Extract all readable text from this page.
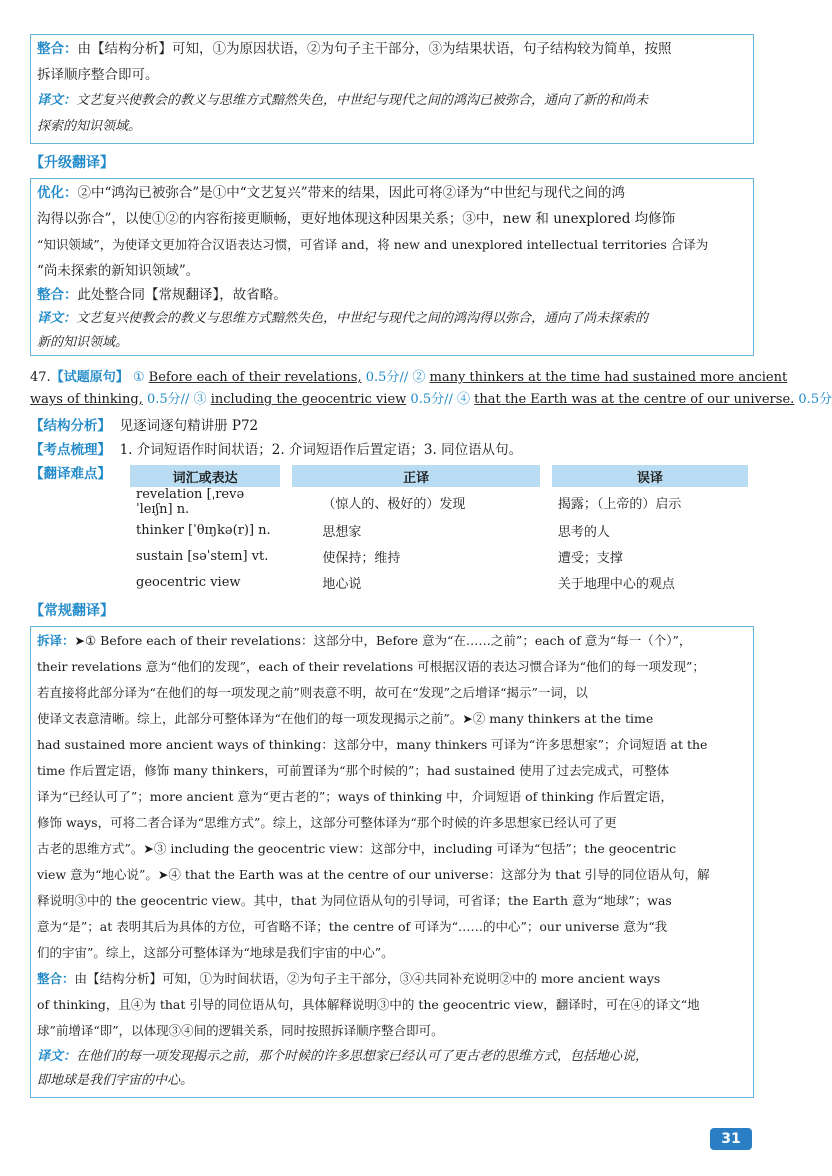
整合：由【结构分析】可知，①为原因状语，②为句子主干部分，③为结果状语，句子结构较为简单，按照
拆译顺序整合即可。
译文：文艺复兴使教会的教义与思维方式黯然失色，中世纪与现代之间的鸿沟已被弥合，通向了新的和尚未
探索的知识领域。
【升级翻译】
优化：②中“鸿沟已被弥合”是①中“文艺复兴”带来的结果，因此可将②译为“中世纪与现代之间的鸿
沟得以弥合”，以使①②的内容衔接更顺畅，更好地体现这种因果关系；③中，new 和 unexplored 均修饰
“知识领域”，为使译文更加符合汉语表达习惯，可省译 and，将 new and unexplored intellectual territories 合译为
“尚未探索的新知识领域”。
整合：此处整合同【常规翻译】，故省略。
译文：文艺复兴使教会的教义与思维方式黯然失色，中世纪与现代之间的鸿沟得以弥合，通向了尚未探索的
新的知识领域。
47.【试题原句】 ① Before each of their revelations, 0.5分// ② many thinkers at the time had sustained more ancient
ways of thinking, 0.5分// ③ including the geocentric view 0.5分// ④ that the Earth was at the centre of our universe. 0.5分
【结构分析】 见逐词逐句精讲册 P72
【考点梳理】 1. 介词短语作时间状语；2. 介词短语作后置定语；3. 同位语从句。
【翻译难点】	词汇或表达		正译		误译
revelation [ˌrevəˈleɪʃn] n.		（惊人的、极好的）发现		揭露；（上帝的）启示
thinker [ˈθɪŋkə(r)] n.		思想家		思考的人
sustain [səˈsteɪn] vt.		使保持；维持		遭受；支撑
geocentric view		地心说		关于地理中心的观点
【常规翻译】
拆译：➤① Before each of their revelations：这部分中，Before 意为“在……之前”；each of 意为“每一（个）”，
their revelations 意为“他们的发现”，each of their revelations 可根据汉语的表达习惯合译为“他们的每一项发现”；
若直接将此部分译为“在他们的每一项发现之前”则表意不明，故可在“发现”之后增译“揭示”一词，以
使译文表意清晰。综上，此部分可整体译为“在他们的每一项发现揭示之前”。➤② many thinkers at the time
had sustained more ancient ways of thinking：这部分中，many thinkers 可译为“许多思想家”；介词短语 at the
time 作后置定语，修饰 many thinkers，可前置译为“那个时候的”；had sustained 使用了过去完成式，可整体
译为“已经认可了”；more ancient 意为“更古老的”；ways of thinking 中，介词短语 of thinking 作后置定语，
修饰 ways，可将二者合译为“思维方式”。综上，这部分可整体译为“那个时候的许多思想家已经认可了更
古老的思维方式”。➤③ including the geocentric view：这部分中，including 可译为“包括”；the geocentric
view 意为“地心说”。➤④ that the Earth was at the centre of our universe：这部分为 that 引导的同位语从句，解
释说明③中的 the geocentric view。其中，that 为同位语从句的引导词，可省译；the Earth 意为“地球”；was
意为“是”；at 表明其后为具体的方位，可省略不译；the centre of 可译为“……的中心”；our universe 意为“我
们的宇宙”。综上，这部分可整体译为“地球是我们宇宙的中心”。
整合：由【结构分析】可知，①为时间状语，②为句子主干部分，③④共同补充说明②中的 more ancient ways
of thinking，且④为 that 引导的同位语从句，具体解释说明③中的 the geocentric view，翻译时，可在④的译文“地
球”前增译“即”，以体现③④间的逻辑关系，同时按照拆译顺序整合即可。
译文：在他们的每一项发现揭示之前，那个时候的许多思想家已经认可了更古老的思维方式，包括地心说，
即地球是我们宇宙的中心。
31
